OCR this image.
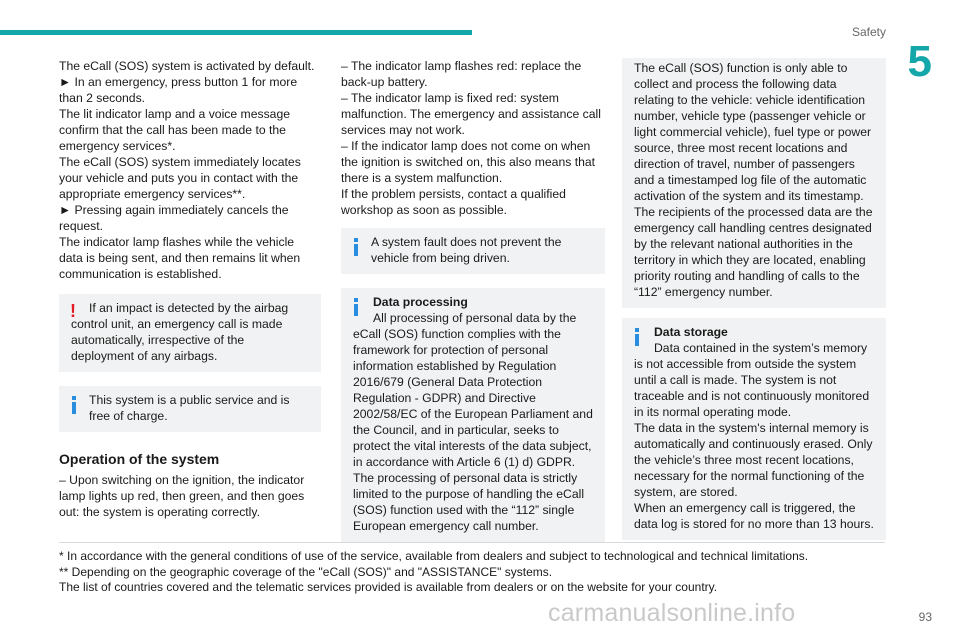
Safety
5

The eCall (SOS) system is activated by default.

► In an emergency, press button 1 for more than 2 seconds.

The lit indicator lamp and a voice message confirm that the call has been made to the emergency services*.

The eCall (SOS) system immediately locates your vehicle and puts you in contact with the appropriate emergency services**.

► Pressing again immediately cancels the request.

The indicator lamp flashes while the vehicle data is being sent, and then remains lit when communication is established.

!	If an impact is detected by the airbag control unit, an emergency call is made automatically, irrespective of the deployment of any airbags.

This system is a public service and is free of charge.

Operation of the system

– Upon switching on the ignition, the indicator lamp lights up red, then green, and then goes out: the system is operating correctly.

– The indicator lamp flashes red: replace the back-up battery.

– The indicator lamp is fixed red: system malfunction. The emergency and assistance call services may not work.

– If the indicator lamp does not come on when the ignition is switched on, this also means that there is a system malfunction.

If the problem persists, contact a qualified workshop as soon as possible.

A system fault does not prevent the vehicle from being driven.

Data processing

All processing of personal data by the eCall (SOS) function complies with the framework for protection of personal information established by Regulation 2016/679 (General Data Protection Regulation - GDPR) and Directive 2002/58/EC of the European Parliament and the Council, and in particular, seeks to protect the vital interests of the data subject, in accordance with Article 6 (1) d) GDPR.

The processing of personal data is strictly limited to the purpose of handling the eCall (SOS) function used with the “112” single European emergency call number.

The eCall (SOS) function is only able to collect and process the following data relating to the vehicle: vehicle identification number, vehicle type (passenger vehicle or light commercial vehicle), fuel type or power source, three most recent locations and direction of travel, number of passengers and a timestamped log file of the automatic activation of the system and its timestamp.

The recipients of the processed data are the emergency call handling centres designated by the relevant national authorities in the territory in which they are located, enabling priority routing and handling of calls to the “112” emergency number.

Data storage

Data contained in the system’s memory is not accessible from outside the system until a call is made. The system is not traceable and is not continuously monitored in its normal operating mode.

The data in the system's internal memory is automatically and continuously erased. Only the vehicle’s three most recent locations, necessary for the normal functioning of the system, are stored.

When an emergency call is triggered, the data log is stored for no more than 13 hours.

* In accordance with the general conditions of use of the service, available from dealers and subject to technological and technical limitations.

** Depending on the geographic coverage of the "eCall (SOS)" and "ASSISTANCE" systems.

The list of countries covered and the telematic services provided is available from dealers or on the website for your country.

carmanualsonline.info	93
